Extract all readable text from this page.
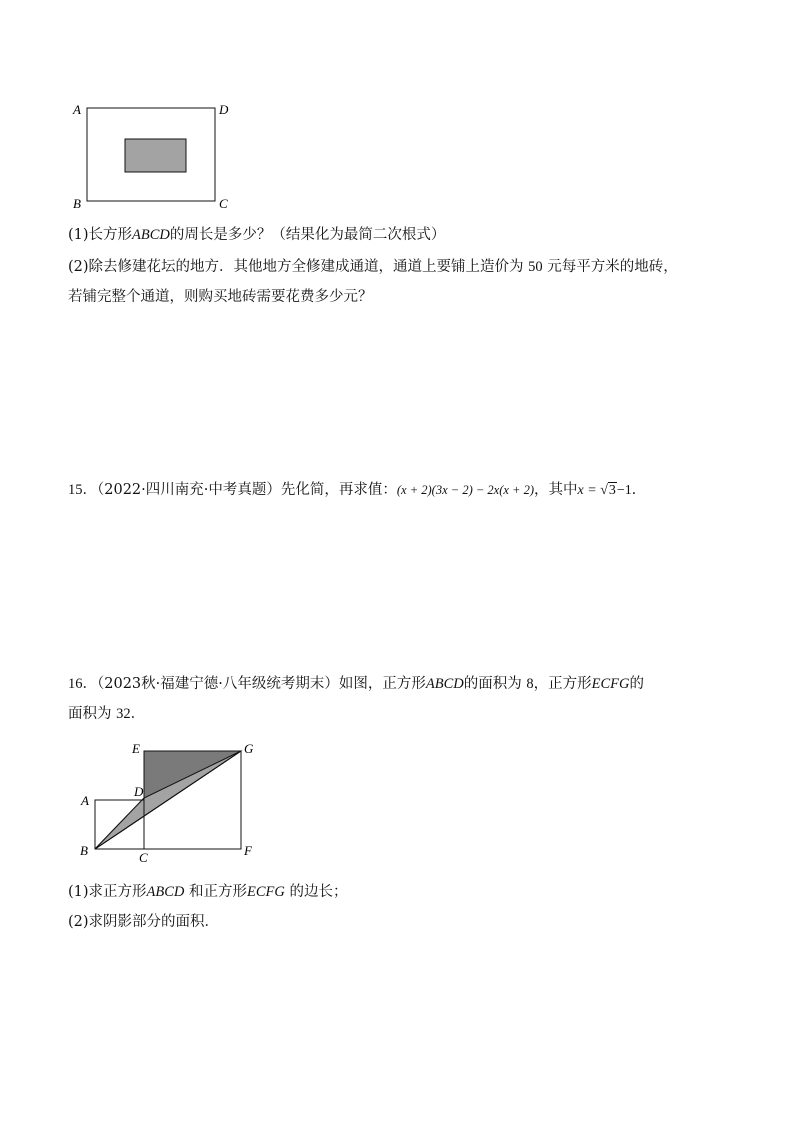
A	D
B	C
(1)长方形ABCD的周长是多少？（结果化为最简二次根式）
(2)除去修建花坛的地方．其他地方全修建成通道，通道上要铺上造价为 50 元每平方米的地砖，
若铺完整个通道，则购买地砖需要花费多少元？
15．（2022·四川南充·中考真题）先化简，再求值：(x + 2)(3x − 2) − 2x(x + 2)，其中x = √3−1．
16．（2023秋·福建宁德·八年级统考期末）如图，正方形ABCD的面积为 8，正方形ECFG的
面积为 32．
E	G
A
D
B	C	F
(1)求正方形ABCD 和正方形ECFG 的边长；
(2)求阴影部分的面积．
